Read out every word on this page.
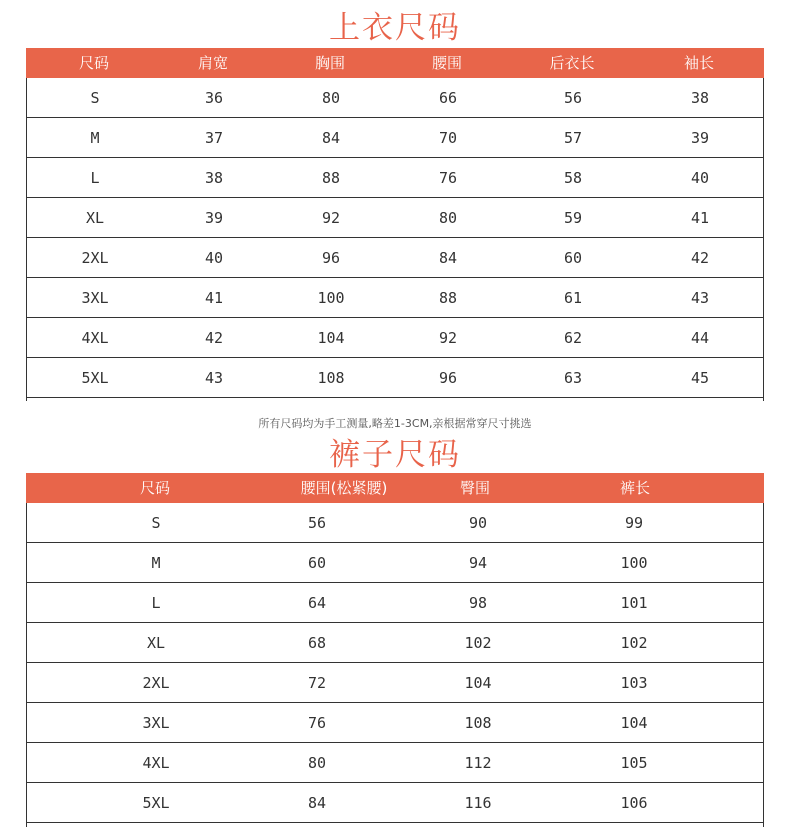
上衣尺码
尺码	肩宽	胸围	腰围	后衣长	袖长
S	36	80	66	56	38
M	37	84	70	57	39
L	38	88	76	58	40
XL	39	92	80	59	41
2XL	40	96	84	60	42
3XL	41	100	88	61	43
4XL	42	104	92	62	44
5XL	43	108	96	63	45
所有尺码均为手工测量,略差1-3CM,亲根据常穿尺寸挑选
裤子尺码
尺码	腰围(松紧腰)	臀围	裤长
S	56	90	99
M	60	94	100
L	64	98	101
XL	68	102	102
2XL	72	104	103
3XL	76	108	104
4XL	80	112	105
5XL	84	116	106
